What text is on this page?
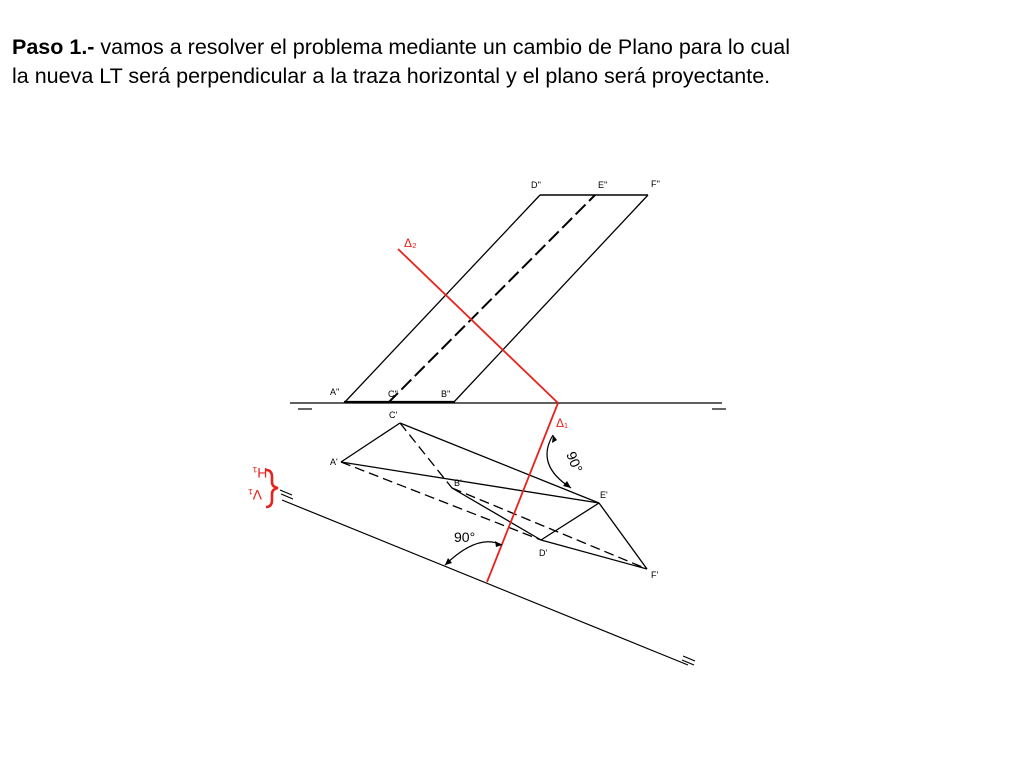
Paso 1.- vamos a resolver el problema mediante un cambio de Plano para lo cual
la nueva LT será perpendicular a la traza horizontal y el plano será proyectante.
A''	C''	B''
D''	E''	F''
C'
A'
B'
E'
D'
F'
Δ₂
Δ₁
90°
90°
H₁
V₁
